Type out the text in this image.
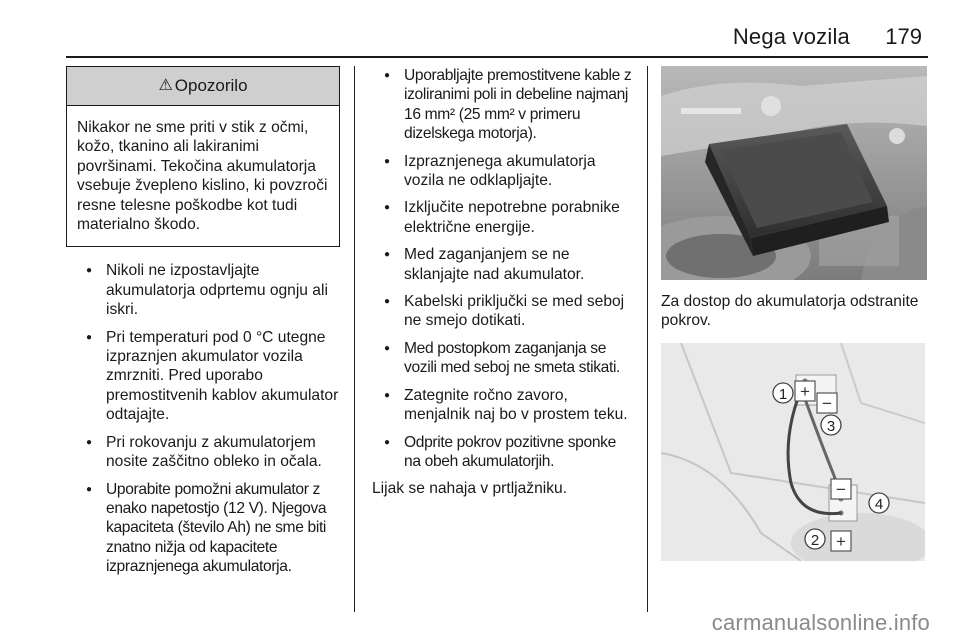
Nega vozila 179
⚠ Opozorilo
Nikakor ne sme priti v stik z očmi, kožo, tkanino ali lakiranimi površinami. Tekočina akumulatorja vsebuje žvepleno kislino, ki povzroči resne telesne poškodbe kot tudi materialno škodo.
● Nikoli ne izpostavljajte akumulatorja odprtemu ognju ali iskri.
● Pri temperaturi pod 0 °C utegne izpraznjen akumulator vozila zmrzniti. Pred uporabo premostitvenih kablov akumulator odtajajte.
● Pri rokovanju z akumulatorjem nosite zaščitno obleko in očala.
● Uporabite pomožni akumulator z enako napetostjo (12 V). Njegova kapaciteta (število Ah) ne sme biti znatno nižja od kapacitete izpraznjenega akumulatorja.
● Uporabljajte premostitvene kable z izoliranimi poli in debeline najmanj 16 mm² (25 mm² v primeru dizelskega motorja).
● Izpraznjenega akumulatorja vozila ne odklapljajte.
● Izključite nepotrebne porabnike električne energije.
● Med zaganjanjem se ne sklanjajte nad akumulator.
● Kabelski priključki se med seboj ne smejo dotikati.
● Med postopkom zaganjanja se vozili med seboj ne smeta stikati.
● Zategnite ročno zavoro, menjalnik naj bo v prostem teku.
● Odprite pokrov pozitivne sponke na obeh akumulatorjih.

Lijak se nahaja v prtljažniku.

Za dostop do akumulatorja odstranite pokrov.

+
−
−
+
1
3
4
2
carmanualsonline.info
